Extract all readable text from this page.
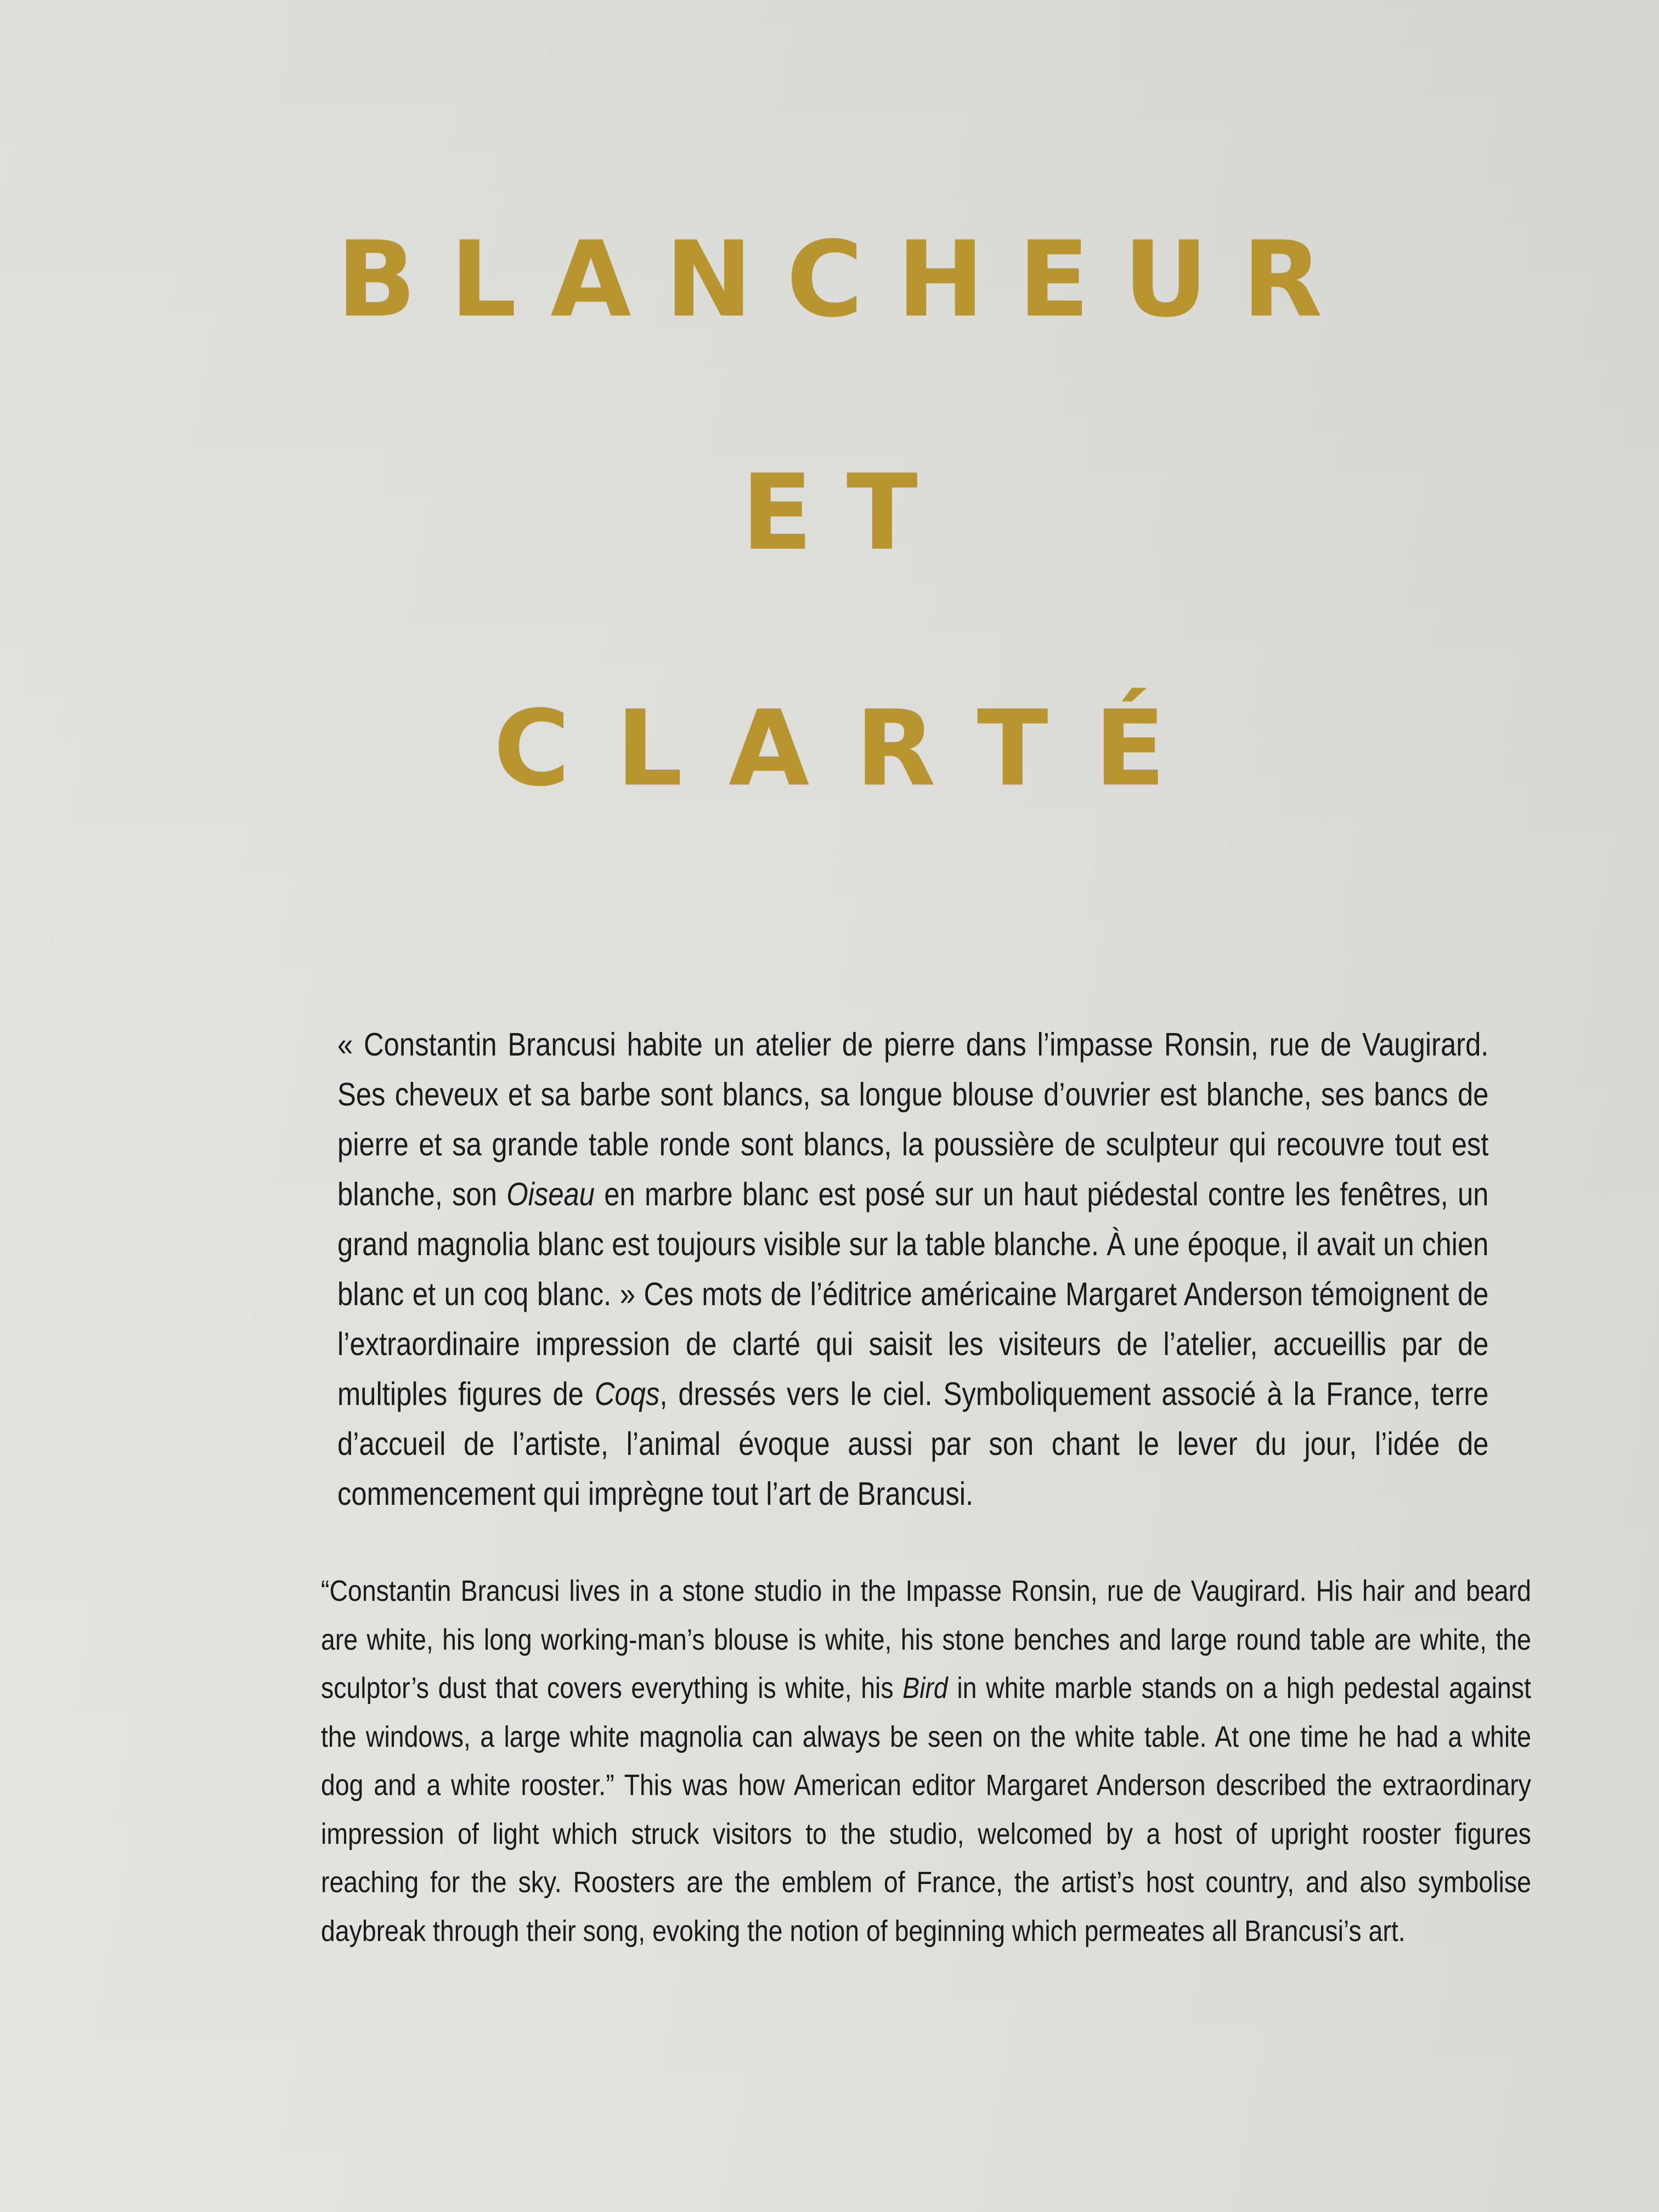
BLANCHEUR
ET
CLARTÉ

« Constantin Brancusi habite un atelier de pierre dans l’impasse Ronsin, rue de Vaugirard. Ses cheveux et sa barbe sont blancs, sa longue blouse d’ouvrier est blanche, ses bancs de pierre et sa grande table ronde sont blancs, la poussière de sculpteur qui recouvre tout est blanche, son Oiseau en marbre blanc est posé sur un haut piédestal contre les fenêtres, un grand magnolia blanc est toujours visible sur la table blanche. À une époque, il avait un chien blanc et un coq blanc. » Ces mots de l’éditrice américaine Margaret Anderson témoignent de l’extraordinaire impression de clarté qui saisit les visiteurs de l’atelier, accueillis par de multiples figures de Coqs, dressés vers le ciel. Symboliquement associé à la France, terre d’accueil de l’artiste, l’animal évoque aussi par son chant le lever du jour, l’idée de commencement qui imprègne tout l’art de Brancusi.

“Constantin Brancusi lives in a stone studio in the Impasse Ronsin, rue de Vaugirard. His hair and beard are white, his long working-man’s blouse is white, his stone benches and large round table are white, the sculptor’s dust that covers everything is white, his Bird in white marble stands on a high pedestal against the windows, a large white magnolia can always be seen on the white table. At one time he had a white dog and a white rooster.” This was how American editor Margaret Anderson described the extraordinary impression of light which struck visitors to the studio, welcomed by a host of upright rooster figures reaching for the sky. Roosters are the emblem of France, the artist’s host country, and also symbolise daybreak through their song, evoking the notion of beginning which permeates all Brancusi’s art.
